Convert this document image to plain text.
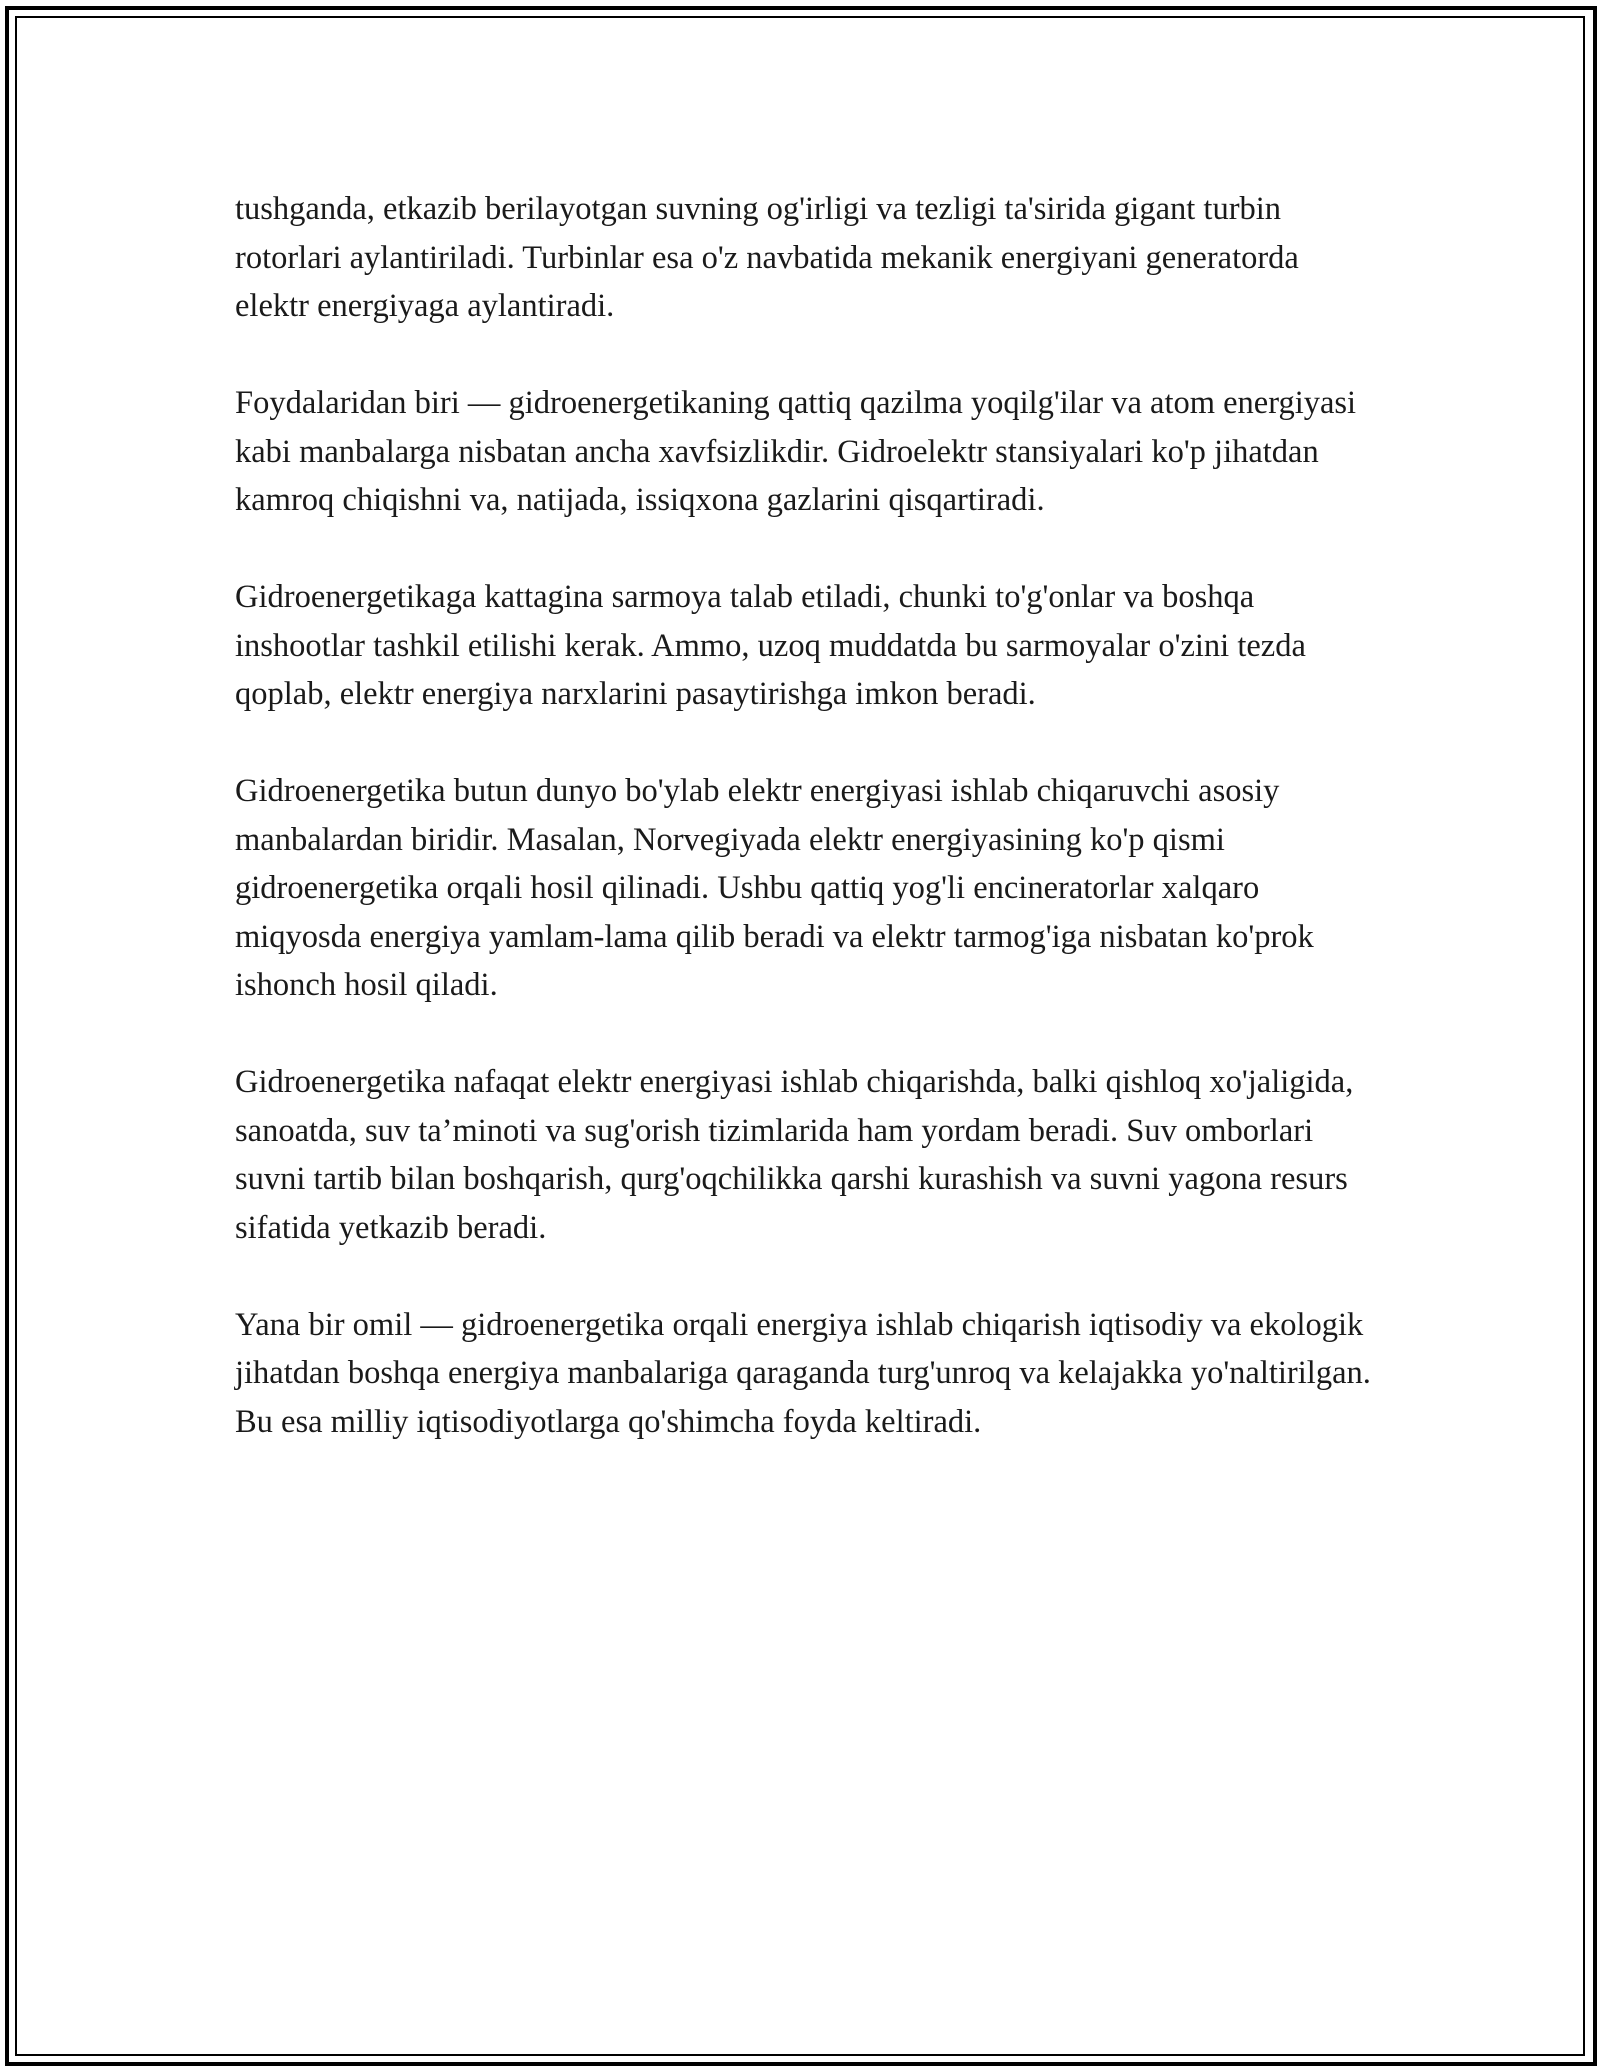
tushganda, etkazib berilayotgan suvning og'irligi va tezligi ta'sirida gigant turbin rotorlari aylantiriladi. Turbinlar esa o'z navbatida mekanik energiyani generatorda elektr energiyaga aylantiradi.

Foydalaridan biri — gidroenergetikaning qattiq qazilma yoqilg'ilar va atom energiyasi kabi manbalarga nisbatan ancha xavfsizlikdir. Gidroelektr stansiyalari ko'p jihatdan kamroq chiqishni va, natijada, issiqxona gazlarini qisqartiradi.

Gidroenergetikaga kattagina sarmoya talab etiladi, chunki to'g'onlar va boshqa inshootlar tashkil etilishi kerak. Ammo, uzoq muddatda bu sarmoyalar o'zini tezda qoplab, elektr energiya narxlarini pasaytirishga imkon beradi.

Gidroenergetika butun dunyo bo'ylab elektr energiyasi ishlab chiqaruvchi asosiy manbalardan biridir. Masalan, Norvegiyada elektr energiyasining ko'p qismi gidroenergetika orqali hosil qilinadi. Ushbu qattiq yog'li encineratorlar xalqaro miqyosda energiya yamlam-lama qilib beradi va elektr tarmog'iga nisbatan ko'prok ishonch hosil qiladi.

Gidroenergetika nafaqat elektr energiyasi ishlab chiqarishda, balki qishloq xo'jaligida, sanoatda, suv ta’minoti va sug'orish tizimlarida ham yordam beradi. Suv omborlari suvni tartib bilan boshqarish, qurg'oqchilikka qarshi kurashish va suvni yagona resurs sifatida yetkazib beradi.

Yana bir omil — gidroenergetika orqali energiya ishlab chiqarish iqtisodiy va ekologik jihatdan boshqa energiya manbalariga qaraganda turg'unroq va kelajakka yo'naltirilgan. Bu esa milliy iqtisodiyotlarga qo'shimcha foyda keltiradi.
